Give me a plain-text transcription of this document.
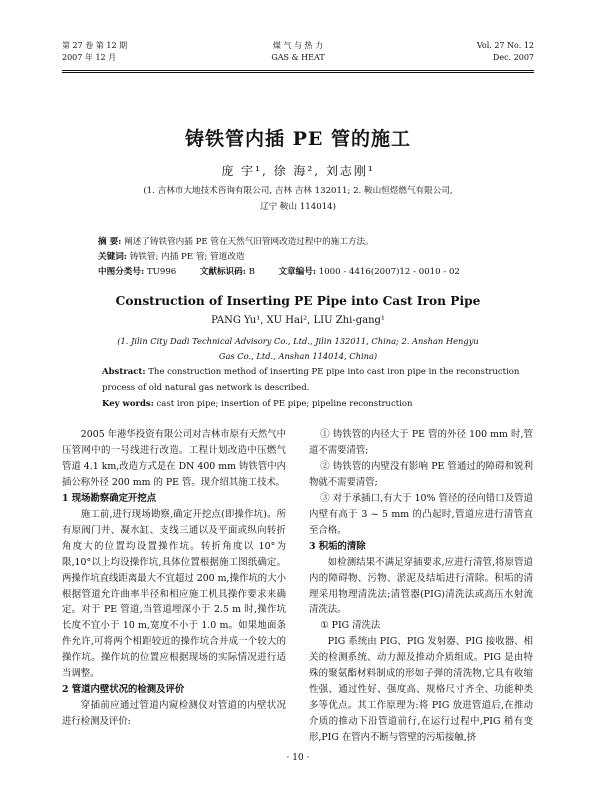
第 27 卷 第 12 期
2007 年 12 月
煤 气 与 热 力
GAS & HEAT
Vol. 27 No. 12
Dec. 2007
铸铁管内插 PE 管的施工
庞 宇¹, 徐 海², 刘志刚¹
(1. 吉林市大地技术咨询有限公司, 吉林 吉林 132011; 2. 鞍山恒煜燃气有限公司,
辽宁 鞍山 114014)
摘 要: 阐述了铸铁管内插 PE 管在天然气旧管网改造过程中的施工方法。
关键词: 铸铁管; 内插 PE 管; 管道改造
中图分类号: TU996	文献标识码: B	文章编号: 1000 - 4416(2007)12 - 0010 - 02
Construction of Inserting PE Pipe into Cast Iron Pipe
PANG Yu¹, XU Hai², LIU Zhi-gang¹
(1. Jilin City Dadi Technical Advisory Co., Ltd., Jilin 132011, China; 2. Anshan Hengyu
Gas Co., Ltd., Anshan 114014, China)
Abstract: The construction method of inserting PE pipe into cast iron pipe in the reconstruction process of old natural gas network is described.
Key words: cast iron pipe; insertion of PE pipe; pipeline reconstruction

2005 年港华投资有限公司对吉林市原有天然气中压管网中的一号线进行改造。工程计划改造中压燃气管道 4.1 km,改造方式是在 DN 400 mm 铸铁管中内插公称外径 200 mm 的 PE 管。现介绍其施工技术。

1 现场勘察确定开挖点

施工前,进行现场勘察,确定开挖点(即操作坑)。所有原阀门井、凝水缸、支线三通以及平面或纵向转折角度大的位置均设置操作坑。转折角度以 10°为限,10°以上均设操作坑,具体位置根据施工图纸确定。两操作坑直线距离最大不宜超过 200 m,操作坑的大小根据管道允许曲率半径和相应施工机具操作要求来确定。对于 PE 管道,当管道埋深小于 2.5 m 时,操作坑长度不宜小于 10 m,宽度不小于 1.0 m。如果地面条件允许,可将两个相距较近的操作坑合并成一个较大的操作坑。操作坑的位置应根据现场的实际情况进行适当调整。

2 管道内壁状况的检测及评价

穿插前应通过管道内窥检测仪对管道的内壁状况进行检测及评价:

① 铸铁管的内径大于 PE 管的外径 100 mm 时,管道不需要清管;

② 铸铁管的内壁没有影响 PE 管通过的障碍和锐利物就不需要清管;

③ 对于承插口,有大于 10% 管径的径向错口及管道内壁有高于 3 ~ 5 mm 的凸起时,管道应进行清管直至合格。

3 积垢的清除

如检测结果不满足穿插要求,应进行清管,将原管道内的障碍物、污物、淤泥及结垢进行清除。积垢的清理采用物理清洗法;清管器(PIG)清洗法或高压水射流清洗法。

① PIG 清洗法

PIG 系统由 PIG、PIG 发射器、PIG 接收器、相关的检测系统、动力源及推动介质组成。PIG 是由特殊的聚氨酯材料制成的形如子弹的清洗物,它具有收缩性强、通过性好、强度高、规格尺寸齐全、功能种类多等优点。其工作原理为:将 PIG 放进管道后,在推动介质的推动下沿管道前行,在运行过程中,PIG 稍有变形,PIG 在管内不断与管壁的污垢接触,挤

· 10 ·
